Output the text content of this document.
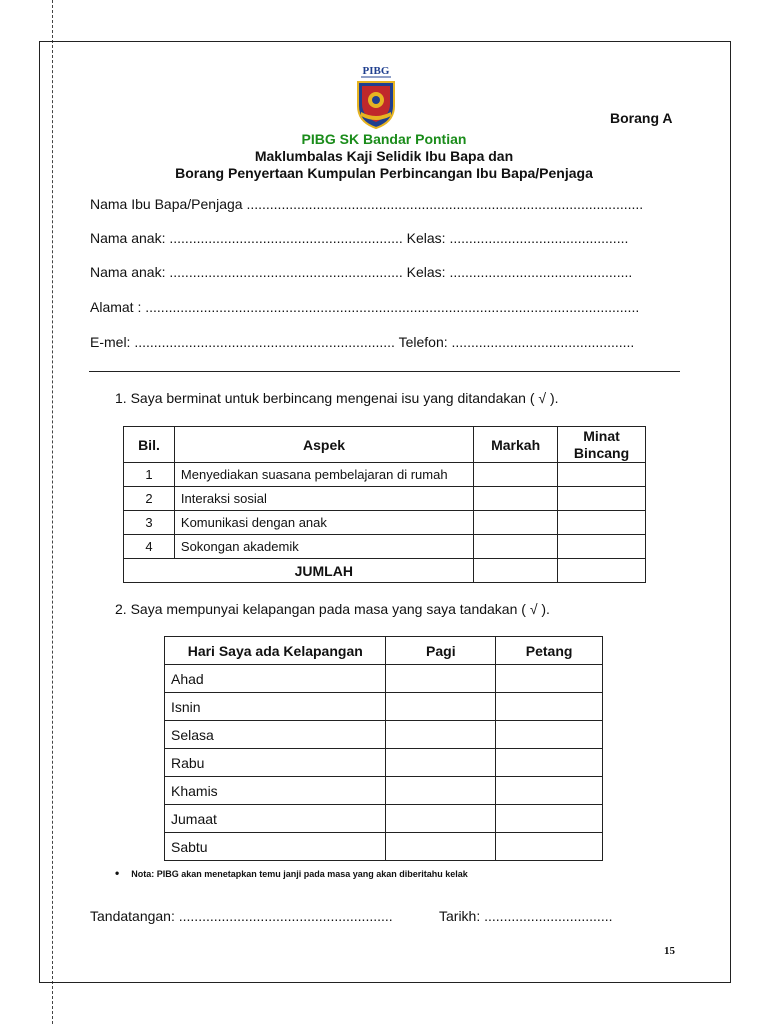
PIBG
Borang A
PIBG SK Bandar Pontian
Maklumbalas Kaji Selidik Ibu Bapa dan
Borang Penyertaan Kumpulan Perbincangan Ibu Bapa/Penjaga
Nama Ibu Bapa/Penjaga ......................................................................................................
Nama anak: ............................................................ Kelas: ..............................................
Nama anak: ............................................................ Kelas: ...............................................
Alamat : ...............................................................................................................................
E-mel: ................................................................... Telefon: ...............................................
1. Saya berminat untuk berbincang mengenai isu yang ditandakan ( √ ).
Bil.	Aspek	Markah	Minat Bincang
1	Menyediakan suasana pembelajaran di rumah		
2	Interaksi sosial		
3	Komunikasi dengan anak		
4	Sokongan akademik		
	JUMLAH		
2. Saya mempunyai kelapangan pada masa yang saya tandakan ( √ ).
Hari Saya ada Kelapangan	Pagi	Petang
Ahad		
Isnin		
Selasa		
Rabu		
Khamis		
Jumaat		
Sabtu		
• Nota: PIBG akan menetapkan temu janji pada masa yang akan diberitahu kelak
Tandatangan: .......................................................	Tarikh: .................................
15
